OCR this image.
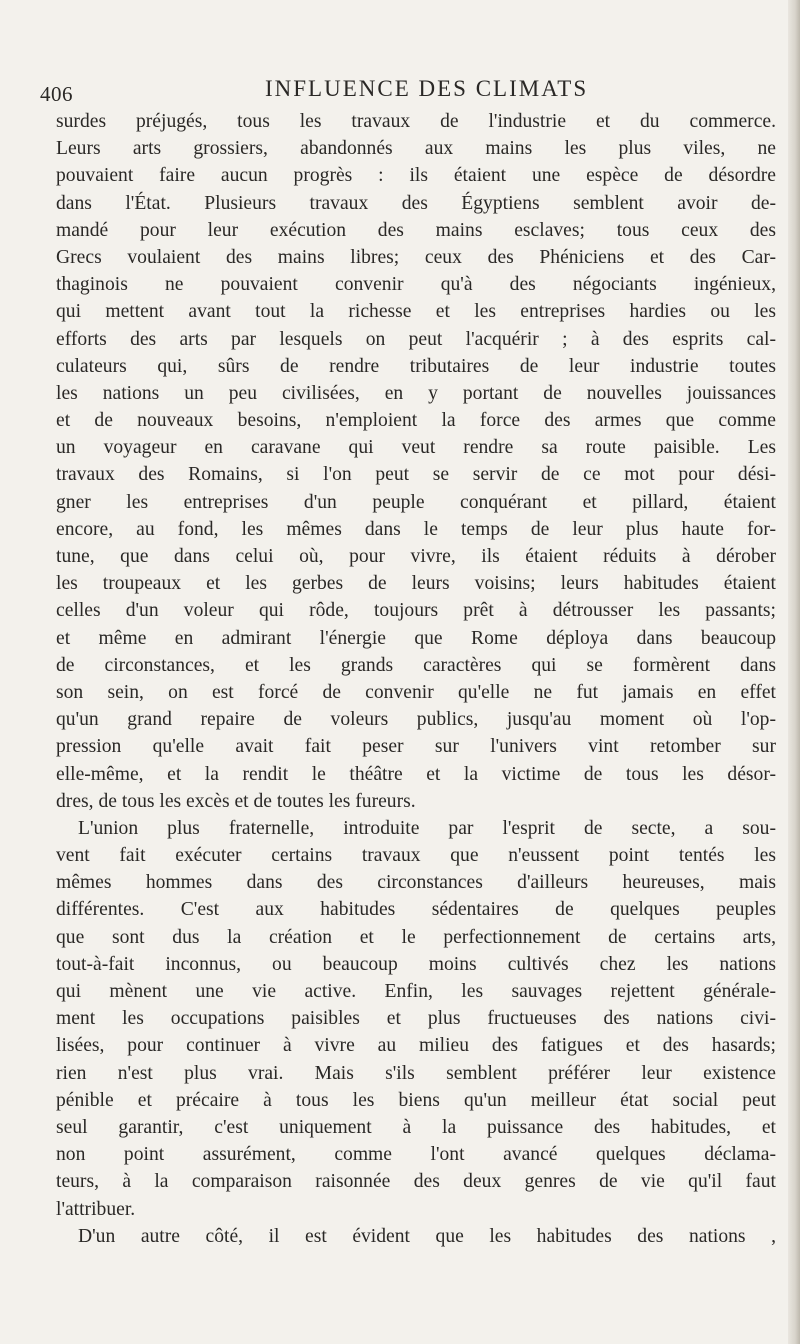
406	INFLUENCE DES CLIMATS
surdes préjugés, tous les travaux de l'industrie et du commerce.
Leurs arts grossiers, abandonnés aux mains les plus viles, ne
pouvaient faire aucun progrès : ils étaient une espèce de désordre
dans l'État. Plusieurs travaux des Égyptiens semblent avoir de-
mandé pour leur exécution des mains esclaves; tous ceux des
Grecs voulaient des mains libres; ceux des Phéniciens et des Car-
thaginois ne pouvaient convenir qu'à des négociants ingénieux,
qui mettent avant tout la richesse et les entreprises hardies ou les
efforts des arts par lesquels on peut l'acquérir ; à des esprits cal-
culateurs qui, sûrs de rendre tributaires de leur industrie toutes
les nations un peu civilisées, en y portant de nouvelles jouissances
et de nouveaux besoins, n'emploient la force des armes que comme
un voyageur en caravane qui veut rendre sa route paisible. Les
travaux des Romains, si l'on peut se servir de ce mot pour dési-
gner les entreprises d'un peuple conquérant et pillard, étaient
encore, au fond, les mêmes dans le temps de leur plus haute for-
tune, que dans celui où, pour vivre, ils étaient réduits à dérober
les troupeaux et les gerbes de leurs voisins; leurs habitudes étaient
celles d'un voleur qui rôde, toujours prêt à détrousser les passants;
et même en admirant l'énergie que Rome déploya dans beaucoup
de circonstances, et les grands caractères qui se formèrent dans
son sein, on est forcé de convenir qu'elle ne fut jamais en effet
qu'un grand repaire de voleurs publics, jusqu'au moment où l'op-
pression qu'elle avait fait peser sur l'univers vint retomber sur
elle-même, et la rendit le théâtre et la victime de tous les désor-
dres, de tous les excès et de toutes les fureurs.
L'union plus fraternelle, introduite par l'esprit de secte, a sou-
vent fait exécuter certains travaux que n'eussent point tentés les
mêmes hommes dans des circonstances d'ailleurs heureuses, mais
différentes. C'est aux habitudes sédentaires de quelques peuples
que sont dus la création et le perfectionnement de certains arts,
tout-à-fait inconnus, ou beaucoup moins cultivés chez les nations
qui mènent une vie active. Enfin, les sauvages rejettent générale-
ment les occupations paisibles et plus fructueuses des nations civi-
lisées, pour continuer à vivre au milieu des fatigues et des hasards;
rien n'est plus vrai. Mais s'ils semblent préférer leur existence
pénible et précaire à tous les biens qu'un meilleur état social peut
seul garantir, c'est uniquement à la puissance des habitudes, et
non point assurément, comme l'ont avancé quelques déclama-
teurs, à la comparaison raisonnée des deux genres de vie qu'il faut
l'attribuer.
D'un autre côté, il est évident que les habitudes des nations ,
